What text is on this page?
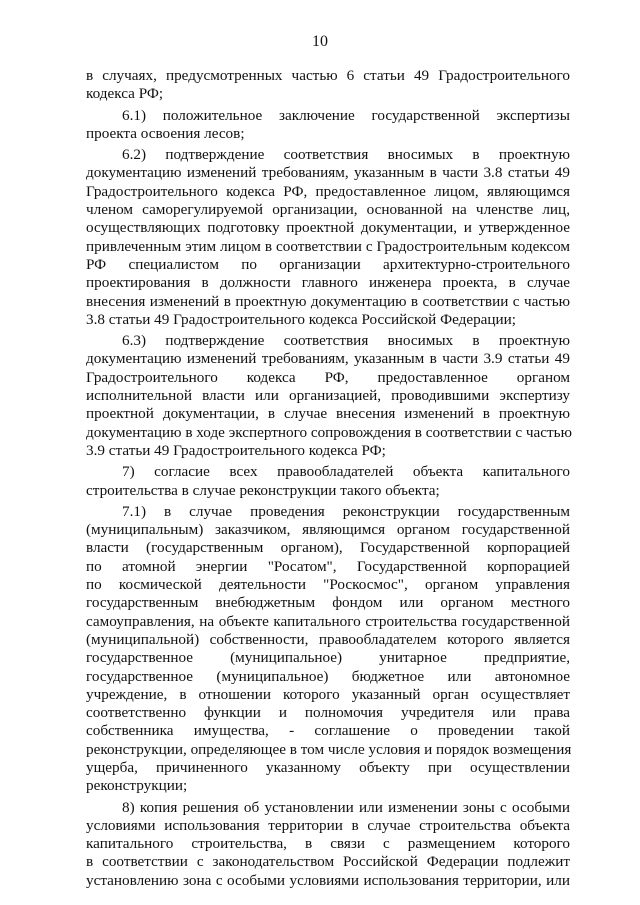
10
в случаях, предусмотренных частью 6 статьи 49 Градостроительного
кодекса РФ;
6.1) положительное заключение государственной экспертизы
проекта освоения лесов;
6.2) подтверждение соответствия вносимых в проектную
документацию изменений требованиям, указанным в части 3.8 статьи 49
Градостроительного кодекса РФ, предоставленное лицом, являющимся
членом саморегулируемой организации, основанной на членстве лиц,
осуществляющих подготовку проектной документации, и утвержденное
привлеченным этим лицом в соответствии с Градостроительным кодексом
РФ специалистом по организации архитектурно-строительного
проектирования в должности главного инженера проекта, в случае
внесения изменений в проектную документацию в соответствии с частью
3.8 статьи 49 Градостроительного кодекса Российской Федерации;
6.3) подтверждение соответствия вносимых в проектную
документацию изменений требованиям, указанным в части 3.9 статьи 49
Градостроительного кодекса РФ, предоставленное органом
исполнительной власти или организацией, проводившими экспертизу
проектной документации, в случае внесения изменений в проектную
документацию в ходе экспертного сопровождения в соответствии с частью
3.9 статьи 49 Градостроительного кодекса РФ;
7) согласие всех правообладателей объекта капитального
строительства в случае реконструкции такого объекта;
7.1) в случае проведения реконструкции государственным
(муниципальным) заказчиком, являющимся органом государственной
власти (государственным органом), Государственной корпорацией
по атомной энергии "Росатом", Государственной корпорацией
по космической деятельности "Роскосмос", органом управления
государственным внебюджетным фондом или органом местного
самоуправления, на объекте капитального строительства государственной
(муниципальной) собственности, правообладателем которого является
государственное (муниципальное) унитарное предприятие,
государственное (муниципальное) бюджетное или автономное
учреждение, в отношении которого указанный орган осуществляет
соответственно функции и полномочия учредителя или права
собственника имущества, - соглашение о проведении такой
реконструкции, определяющее в том числе условия и порядок возмещения
ущерба, причиненного указанному объекту при осуществлении
реконструкции;
8) копия решения об установлении или изменении зоны с особыми
условиями использования территории в случае строительства объекта
капитального строительства, в связи с размещением которого
в соответствии с законодательством Российской Федерации подлежит
установлению зона с особыми условиями использования территории, или
